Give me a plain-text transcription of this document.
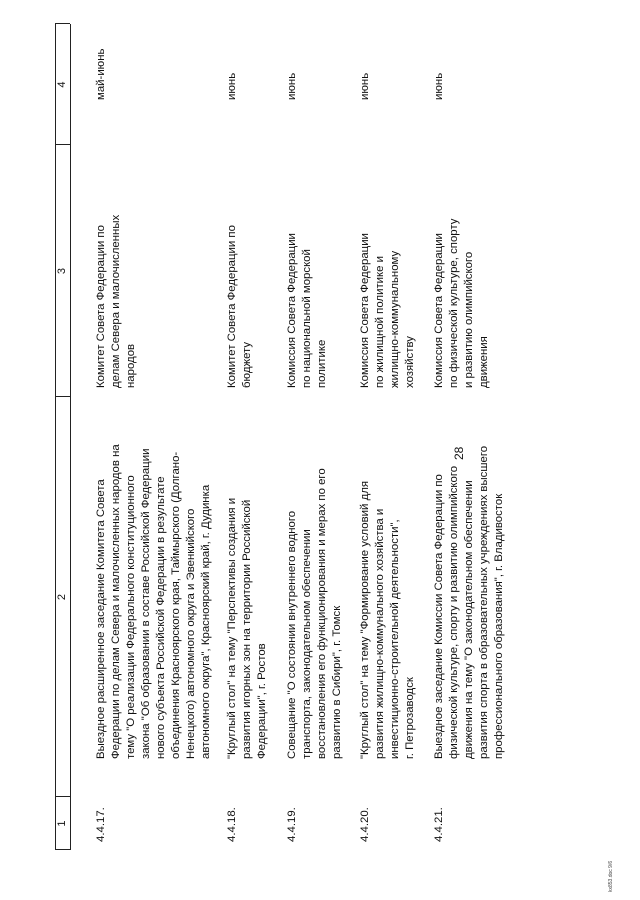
1
2
3
4
4.4.17.
Выездное расширенное заседание Комитета Совета
Федерации по делам Севера и малочисленных народов на
тему "О реализации Федерального конституционного
закона "Об образовании в составе Российской Федерации
нового субъекта Российской Федерации в результате
объединения Красноярского края, Таймырского (Долгано-
Ненецкого) автономного округа и Эвенкийского
автономного округа", Красноярский край, г. Дудинка
Комитет Совета Федерации по
делам Севера и малочисленных
народов
май-июнь
4.4.18.
"Круглый стол" на тему "Перспективы создания и
развития игорных зон на территории Российской
Федерации", г. Ростов
Комитет Совета Федерации по
бюджету
июнь
4.4.19.
Совещание "О состоянии внутреннего водного
транспорта, законодательном обеспечении
восстановления его функционирования и мерах по его
развитию в Сибири", г. Томск
Комиссия Совета Федерации
по национальной морской
политике
июнь
4.4.20.
"Круглый стол" на тему "Формирование условий для
развития жилищно-коммунального хозяйства и
инвестиционно-строительной деятельности",
г. Петрозаводск
Комиссия Совета Федерации
по жилищной политике и
жилищно-коммунальному
хозяйству
июнь
4.4.21.
Выездное заседание Комиссии Совета Федерации по
физической культуре, спорту и развитию олимпийского
движения на тему "О законодательном обеспечении
развития спорта в образовательных учреждениях высшего
профессионального образования", г. Владивосток
Комиссия Совета Федерации
по физической культуре, спорту
и развитию олимпийского
движения
июнь
28
kx853.doc 9/6
